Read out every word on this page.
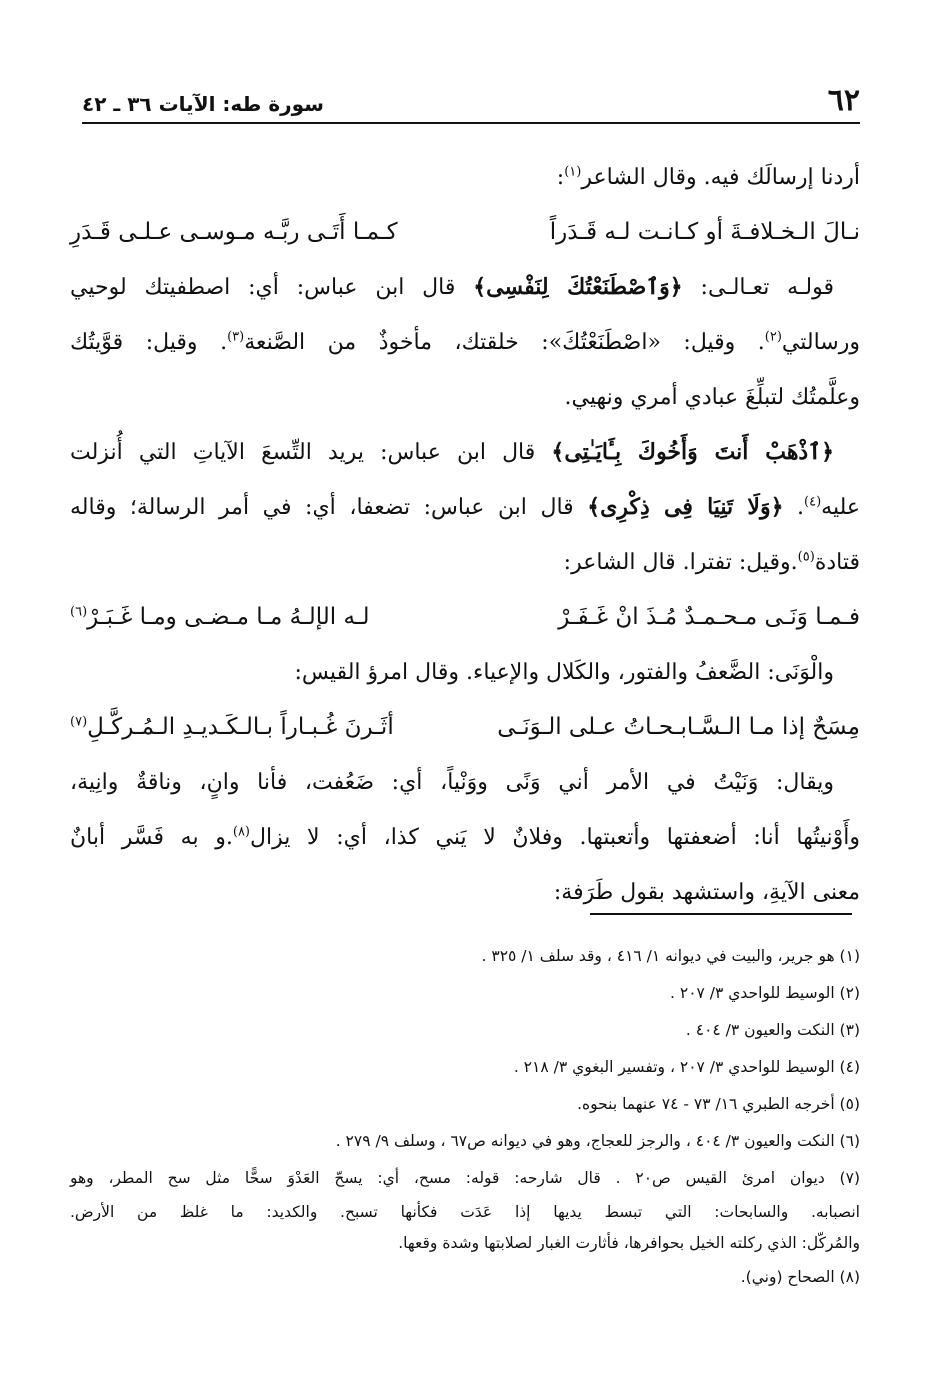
٦٢
سورة طه: الآيات ٣٦ ـ ٤٢
أردنا إرسالَك فيه. وقال الشاعر$^{(١)}$:
نـالَ الـخـلافـةَ أو كـانـت لـه قَـدَراً
كـمـا أَتَـى ربَّـه مـوسـى عـلـى قَـدَرِ
قولـه تعـالـى: ﴿وَٱصْطَنَعْتُكَ لِنَفْسِى﴾ قال ابن عباس: أي: اصطفيتك لوحيي
ورسالتي$^{(٢)}$. وقيل: «اصْطَنَعْتُكَ»: خلقتك، مأخوذٌ من الصَّنعة$^{(٣)}$. وقيل: قوَّيتُك
وعلَّمتُك لتبلِّغَ عبادي أمري ونهيي.
﴿ٱذْهَبْ أَنتَ وَأَخُوكَ بِـَٔايَـٰتِى﴾ قال ابن عباس: يريد التِّسعَ الآياتِ التي أُنزلت
عليه$^{(٤)}$. ﴿وَلَا تَنِيَا فِى ذِكْرِى﴾ قال ابن عباس: تضعفا، أي: في أمر الرسالة؛ وقاله
قتادة$^{(٥)}$.وقيل: تفترا. قال الشاعر:
فـمـا وَنَـى مـحـمـدٌ مُـذَ انْ غَـفَـرْ
لـه الإلـهُ مـا مـضـى ومـا غَـبَـرْ$^{(٦)}$
والْوَنَى: الضَّعفُ والفتور، والكَلال والإعياء. وقال امرؤ القيس:
مِسَحٌ إذا مـا الـسَّـابـحـاتُ عـلى الـوَنَـى
أثَـرنَ غُـبـاراً بـالـكَـديـدِ الـمُـركَّـلِ$^{(٧)}$
ويقال: وَنَيْتُ في الأمر أني وَنًى ووَنْياً، أي: ضَعُفت، فأنا وانٍ، وناقةٌ وانِية،
وأَوْنيتُها أنا: أضعفتها وأتعبتها. وفلانٌ لا يَني كذا، أي: لا يزال$^{(٨)}$.و به فَسَّر أبانٌ
معنى الآيةِ، واستشهد بقول طَرَفة:
(١) هو جرير، والبيت في ديوانه ١/ ٤١٦ ، وقد سلف ١/ ٣٢٥ .
(٢) الوسيط للواحدي ٣/ ٢٠٧ .
(٣) النكت والعيون ٣/ ٤٠٤ .
(٤) الوسيط للواحدي ٣/ ٢٠٧ ، وتفسير البغوي ٣/ ٢١٨ .
(٥) أخرجه الطبري ١٦/ ٧٣ - ٧٤ عنهما بنحوه.
(٦) النكت والعيون ٣/ ٤٠٤ ، والرجز للعجاج، وهو في ديوانه ص٦٧ ، وسلف ٩/ ٢٧٩ .
(٧) ديوان امرئ القيس ص٢٠ . قال شارحه: قوله: مسح، أي: يسحّ العَدْوَ سحًّا مثل سح المطر، وهو
انصبابه. والسابحات: التي تبسط يديها إذا عَدَت فكأنها تسبح. والكديد: ما غلظ من الأرض.
والمُركّل: الذي ركلته الخيل بحوافرها، فأثارت الغبار لصلابتها وشدة وقعها.
(٨) الصحاح (وني).
